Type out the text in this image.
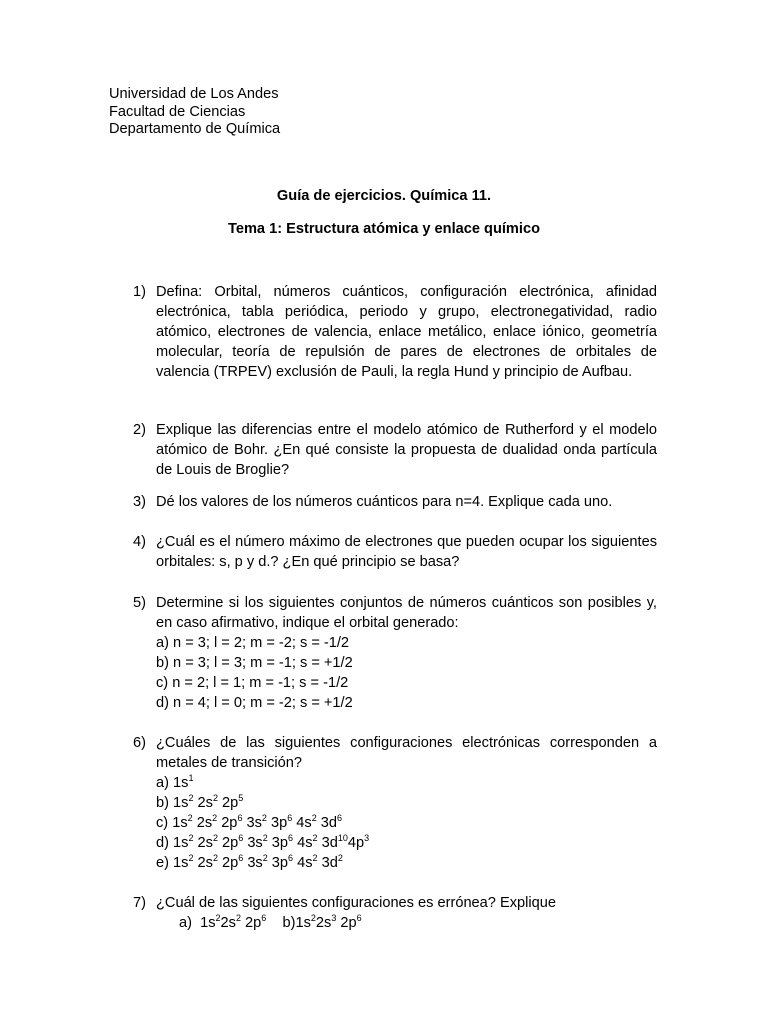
Universidad de Los Andes
Facultad de Ciencias
Departamento de Química
Guía de ejercicios. Química 11.
Tema 1: Estructura atómica y enlace químico
1) Defina: Orbital, números cuánticos, configuración electrónica, afinidad electrónica, tabla periódica, periodo y grupo, electronegatividad, radio atómico, electrones de valencia, enlace metálico, enlace iónico, geometría molecular, teoría de repulsión de pares de electrones de orbitales de valencia (TRPEV) exclusión de Pauli, la regla Hund y principio de Aufbau.
2) Explique las diferencias entre el modelo atómico de Rutherford y el modelo atómico de Bohr. ¿En qué consiste la propuesta de dualidad onda partícula de Louis de Broglie?
3) Dé los valores de los números cuánticos para n=4. Explique cada uno.
4) ¿Cuál es el número máximo de electrones que pueden ocupar los siguientes orbitales: s, p y d.? ¿En qué principio se basa?
5) Determine si los siguientes conjuntos de números cuánticos son posibles y, en caso afirmativo, indique el orbital generado:
a) n = 3; l = 2; m = -2; s = -1/2
b) n = 3; l = 3; m = -1; s = +1/2
c) n = 2; l = 1; m = -1; s = -1/2
d) n = 4; l = 0; m = -2; s = +1/2
6) ¿Cuáles de las siguientes configuraciones electrónicas corresponden a metales de transición?
a) $1s^1$
b) $1s^2$ $2s^2$ $2p^5$
c) $1s^2$ $2s^2$ $2p^6$ $3s^2$ $3p^6$ $4s^2$ $3d^6$
d) $1s^2$ $2s^2$ $2p^6$ $3s^2$ $3p^6$ $4s^2$ $3d^{10}4p^3$
e) $1s^2$ $2s^2$ $2p^6$ $3s^2$ $3p^6$ $4s^2$ $3d^2$
7) ¿Cuál de las siguientes configuraciones es errónea? Explique
a)  $1s^22s^2$ $2p^6$    $b)1s^22s^3$ $2p^6$
